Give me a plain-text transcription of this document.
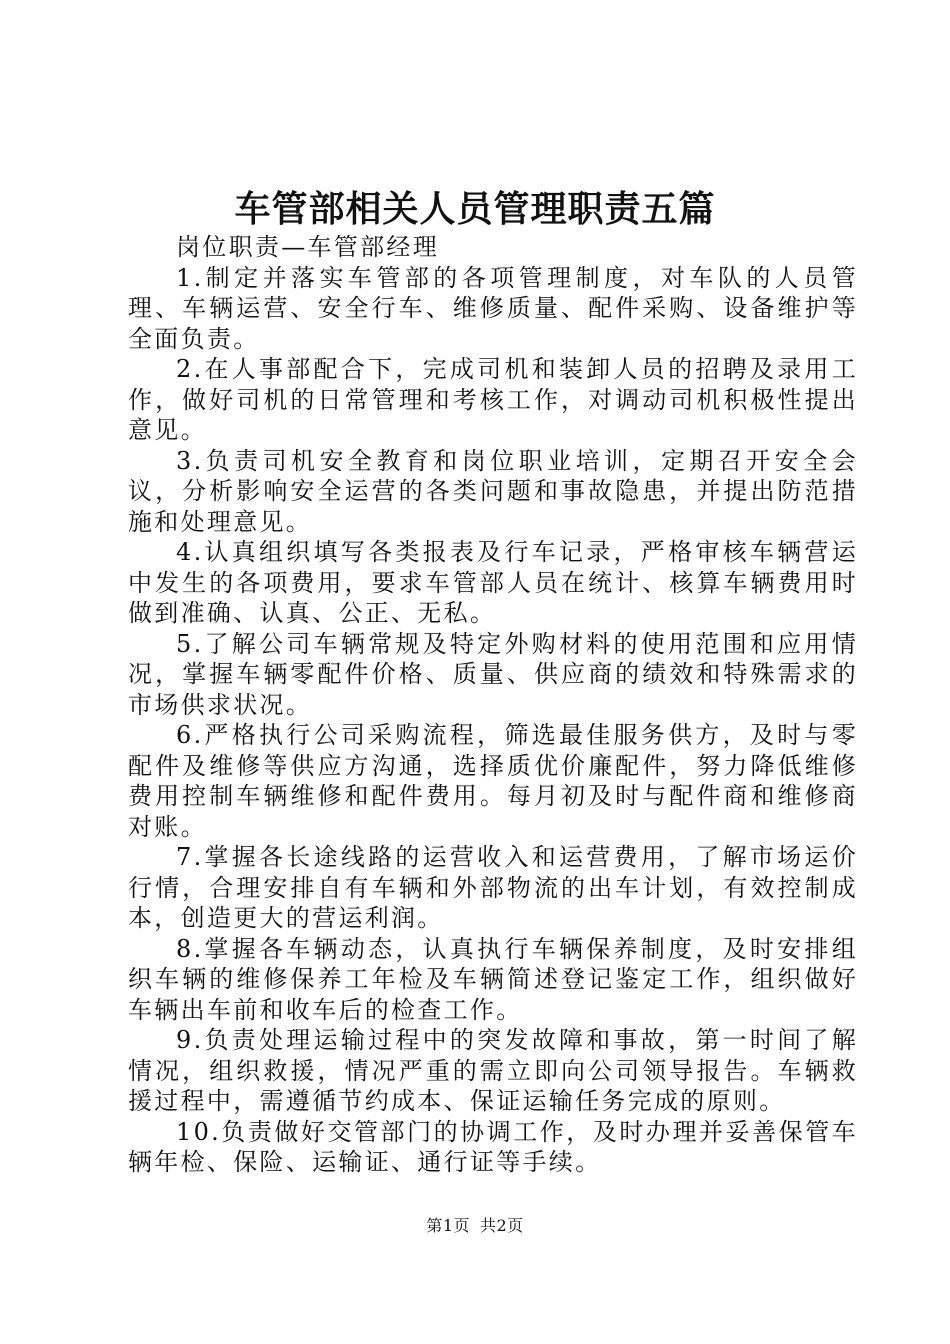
车管部相关人员管理职责五篇

岗位职责—车管部经理

1.制定并落实车管部的各项管理制度，对车队的人员管理、车辆运营、安全行车、维修质量、配件采购、设备维护等全面负责。

2.在人事部配合下，完成司机和装卸人员的招聘及录用工作，做好司机的日常管理和考核工作，对调动司机积极性提出意见。

3.负责司机安全教育和岗位职业培训，定期召开安全会议，分析影响安全运营的各类问题和事故隐患，并提出防范措施和处理意见。

4.认真组织填写各类报表及行车记录，严格审核车辆营运中发生的各项费用，要求车管部人员在统计、核算车辆费用时做到准确、认真、公正、无私。

5.了解公司车辆常规及特定外购材料的使用范围和应用情况，掌握车辆零配件价格、质量、供应商的绩效和特殊需求的市场供求状况。

6.严格执行公司采购流程，筛选最佳服务供方，及时与零配件及维修等供应方沟通，选择质优价廉配件，努力降低维修费用控制车辆维修和配件费用。每月初及时与配件商和维修商对账。

7.掌握各长途线路的运营收入和运营费用，了解市场运价行情，合理安排自有车辆和外部物流的出车计划，有效控制成本，创造更大的营运利润。

8.掌握各车辆动态，认真执行车辆保养制度，及时安排组织车辆的维修保养工年检及车辆简述登记鉴定工作，组织做好车辆出车前和收车后的检查工作。

9.负责处理运输过程中的突发故障和事故，第一时间了解情况，组织救援，情况严重的需立即向公司领导报告。车辆救援过程中，需遵循节约成本、保证运输任务完成的原则。

10.负责做好交管部门的协调工作，及时办理并妥善保管车辆年检、保险、运输证、通行证等手续。

第1页 共2页
